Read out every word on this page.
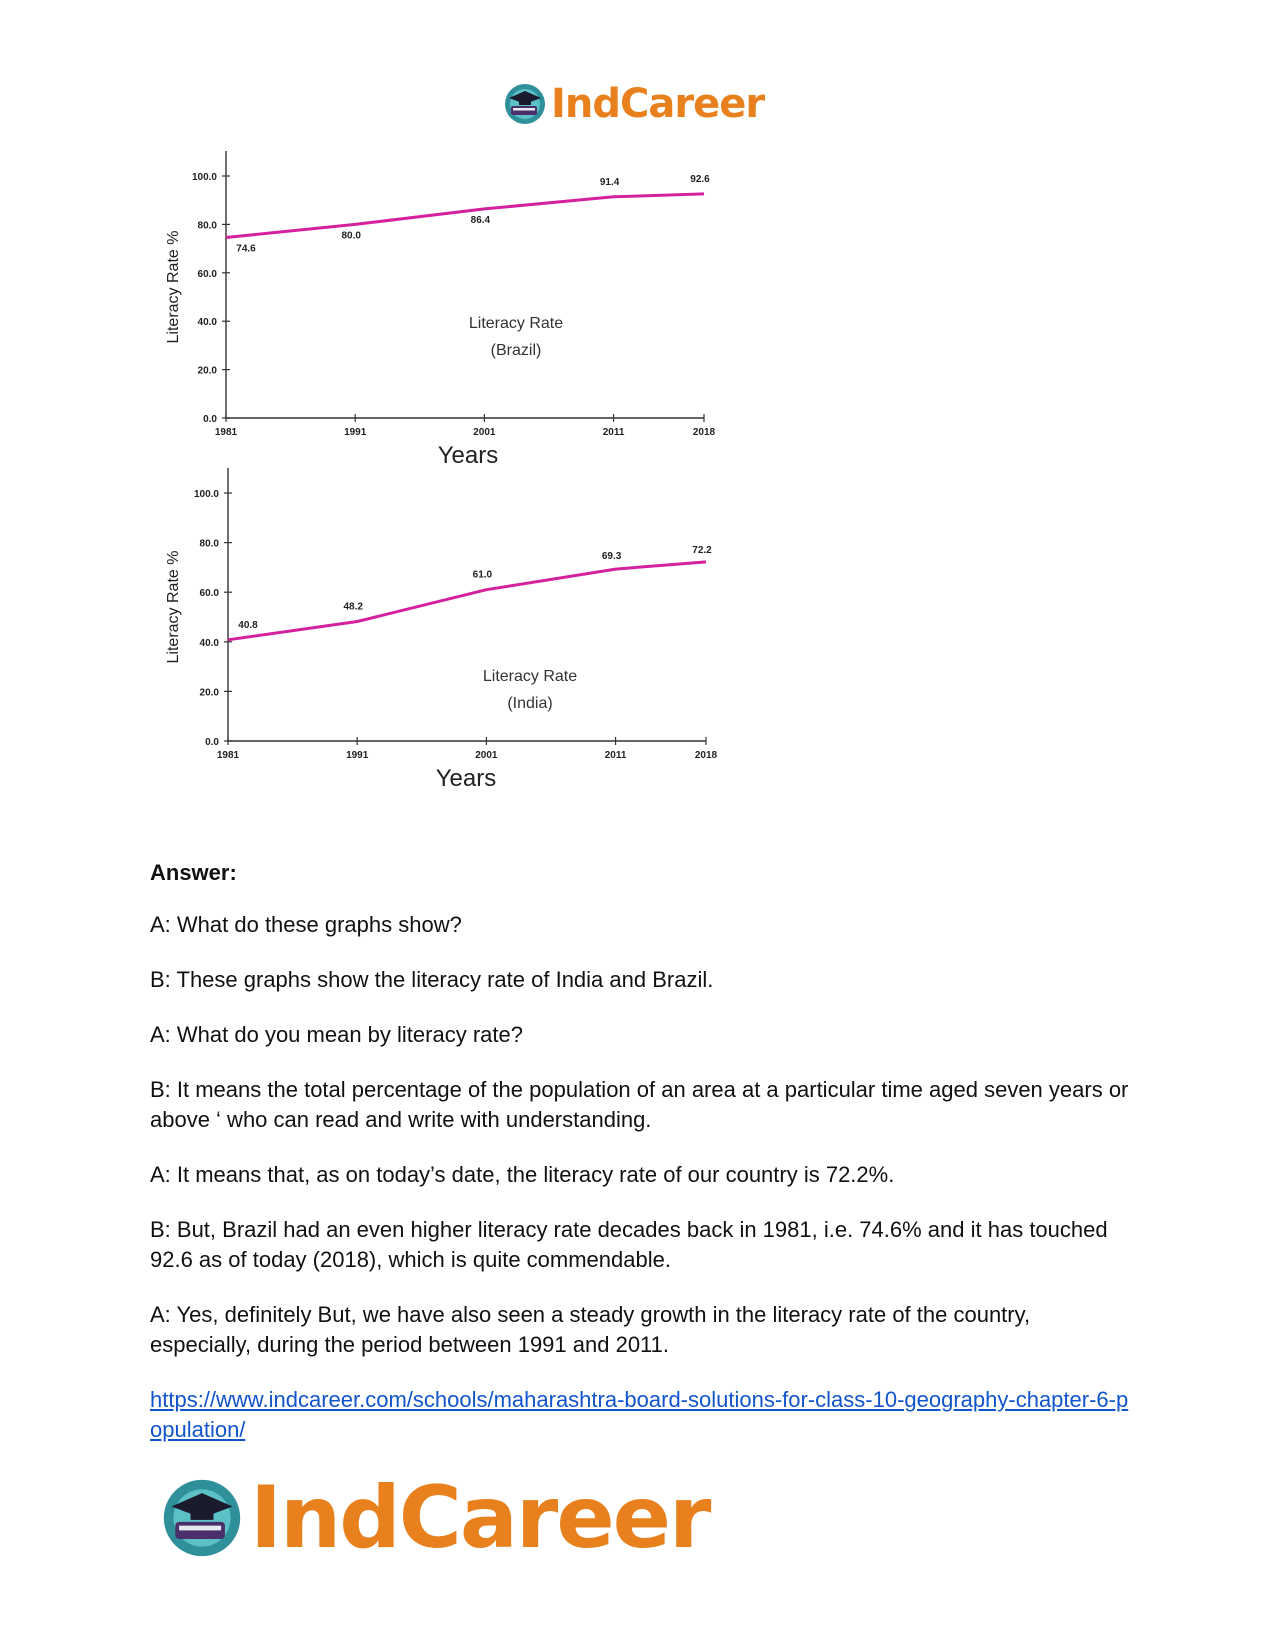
IndCareer
0.0
20.0
40.0
60.0
80.0
100.0
1981	1991	2001	2011	2018
74.6
80.0
86.4
91.4	92.6
Literacy Rate
(Brazil)
Years
Literacy Rate %
0.0
20.0
40.0
60.0
80.0
100.0
1981	1991	2001	2011	2018
40.8
48.2
61.0
69.3
72.2
Literacy Rate
(India)
Years
Literacy Rate %
Answer:

A: What do these graphs show?

B: These graphs show the literacy rate of India and Brazil.

A: What do you mean by literacy rate?

B: It means the total percentage of the population of an area at a particular time aged seven years or above ‘ who can read and write with understanding.

A: It means that, as on today’s date, the literacy rate of our country is 72.2%.

B: But, Brazil had an even higher literacy rate decades back in 1981, i.e. 74.6% and it has touched 92.6 as of today (2018), which is quite commendable.

A: Yes, definitely But, we have also seen a steady growth in the literacy rate of the country, especially, during the period between 1991 and 2011.

https://www.indcareer.com/schools/maharashtra-board-solutions-for-class-10-geography-chapter-6-population/

IndCareer
